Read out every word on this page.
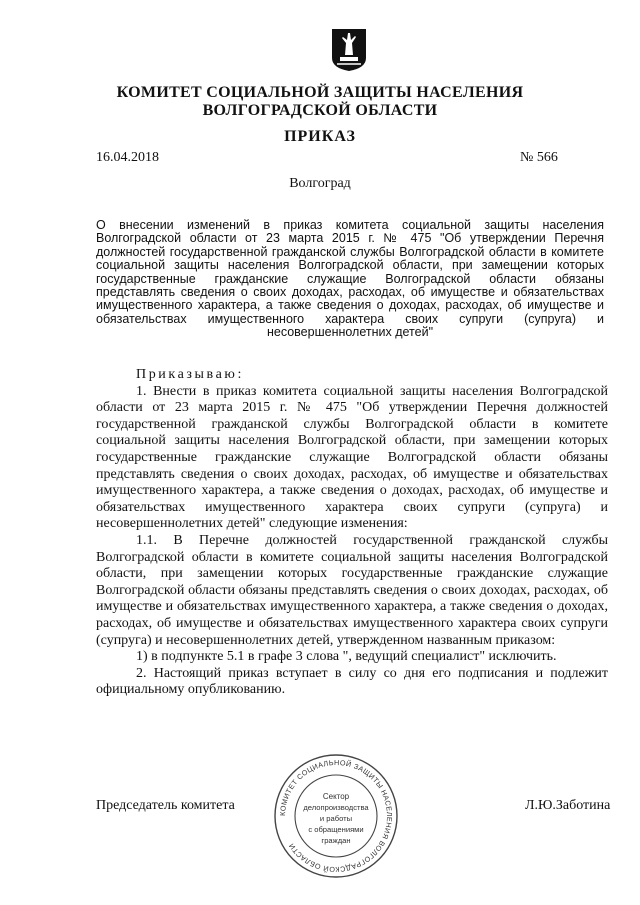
КОМИТЕТ СОЦИАЛЬНОЙ ЗАЩИТЫ НАСЕЛЕНИЯ
ВОЛГОГРАДСКОЙ ОБЛАСТИ
ПРИКАЗ
16.04.2018	№ 566
Волгоград
О внесении изменений в приказ комитета социальной защиты населения Волгоградской области от 23 марта 2015 г. № 475 "Об утверждении Перечня должностей государственной гражданской службы Волгоградской области в комитете социальной защиты населения Волгоградской области, при замещении которых государственные гражданские служащие Волгоградской области обязаны представлять сведения о своих доходах, расходах, об имуществе и обязательствах имущественного характера, а также сведения о доходах, расходах, об имуществе и обязательствах имущественного характера своих супруги (супруга) и несовершеннолетних детей"

Приказываю:

1. Внести в приказ комитета социальной защиты населения Волгоградской области от 23 марта 2015 г. № 475 "Об утверждении Перечня должностей государственной гражданской службы Волгоградской области в комитете социальной защиты населения Волгоградской области, при замещении которых государственные гражданские служащие Волгоградской области обязаны представлять сведения о своих доходах, расходах, об имуществе и обязательствах имущественного характера, а также сведения о доходах, расходах, об имуществе и обязательствах имущественного характера своих супруги (супруга) и несовершеннолетних детей" следующие изменения:

1.1. В Перечне должностей государственной гражданской службы Волгоградской области в комитете социальной защиты населения Волгоградской области, при замещении которых государственные гражданские служащие Волгоградской области обязаны представлять сведения о своих доходах, расходах, об имуществе и обязательствах имущественного характера, а также сведения о доходах, расходах, об имуществе и обязательствах имущественного характера своих супруги (супруга) и несовершеннолетних детей, утвержденном названным приказом:

1) в подпункте 5.1 в графе 3 слова ", ведущий специалист" исключить.

2. Настоящий приказ вступает в силу со дня его подписания и подлежит официальному опубликованию.

Председатель комитета	Л.Ю.Заботина
КОМИТЕТ СОЦИАЛЬНОЙ ЗАЩИТЫ НАСЕЛЕНИЯ ВОЛГОГРАДСКОЙ ОБЛАСТИ
Сектор
делопроизводства
и работы
с обращениями
граждан
